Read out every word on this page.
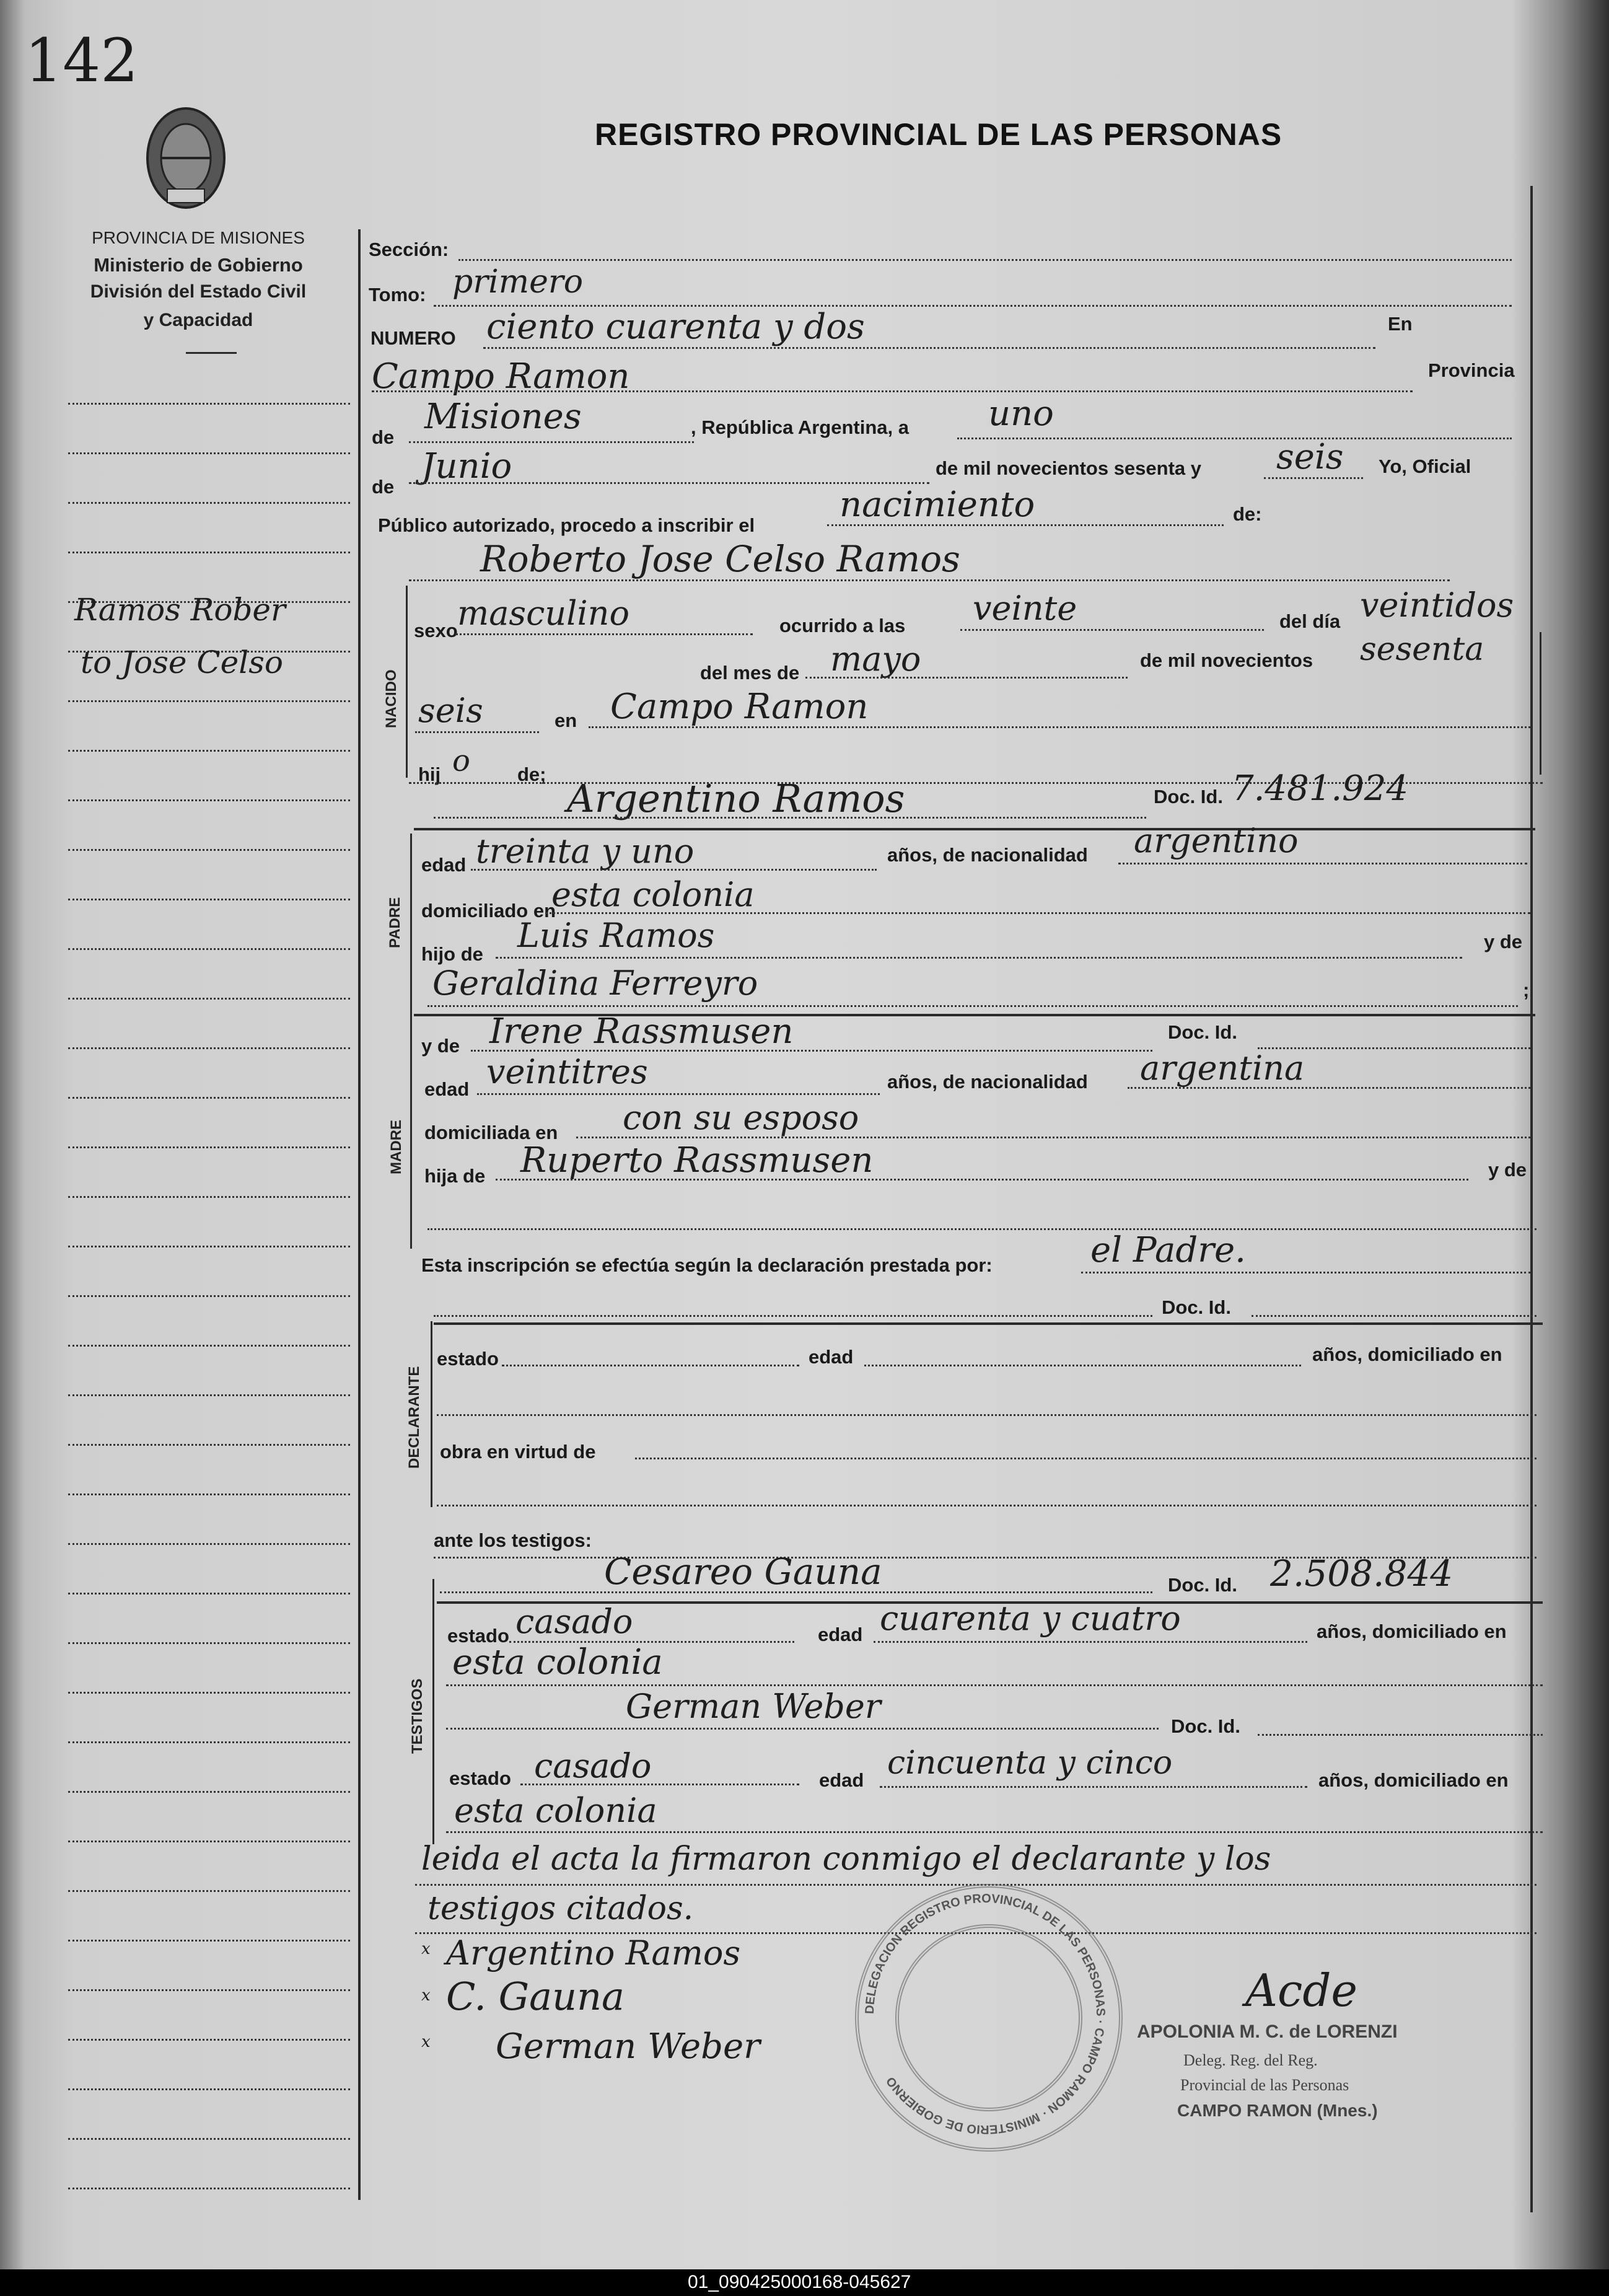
142
REGISTRO PROVINCIAL DE LAS PERSONAS
PROVINCIA DE MISIONES
Ministerio de Gobierno
División del Estado Civil
y Capacidad
Ramos Rober
to Jose Celso
Sección:
Tomo: primero
NUMERO ciento cuarenta y dos	En
Campo Ramon	Provincia
de
Misiones	, República Argentina, a uno
de
Junio	de mil novecientos sesenta y seis Yo, Oficial
Público autorizado, procedo a inscribir el
nacimiento	de:
Roberto Jose Celso Ramos
NACIDO
PADRE
MADRE
DECLARANTE
TESTIGOS
sexo masculino	ocurrido a las veinte	del día veintidos
del mes de mayo	de mil novecientos sesenta
seis	en Campo Ramon
hij o de;
Argentino Ramos	Doc. Id. 7.481.924
edad treinta y uno	años, de nacionalidad argentino
domiciliado en
esta colonia
hijo de Luis Ramos	y de
Geraldina Ferreyro	;
y de Irene Rassmusen	Doc. Id.
edad veintitres	años, de nacionalidad argentina
domiciliada en con su esposo
hija de Ruperto Rassmusen	y de
Esta inscripción se efectúa según la declaración prestada por:	el Padre.
Doc. Id.
estado	edad	años, domiciliado en
obra en virtud de
ante los testigos:
Cesareo Gauna	Doc. Id. 2.508.844
estado casado	edad cuarenta y cuatro	años, domiciliado en
esta colonia
German Weber
Doc. Id.
estado casado	edad cincuenta y cinco	años, domiciliado en
esta colonia
leida el acta la firmaron conmigo el declarante y los
testigos citados.
x Argentino Ramos
x C. Gauna
x German Weber
Acde
APOLONIA M. C. de LORENZI
Deleg. Reg. del Reg.
Provincial de las Personas
CAMPO RAMON (Mnes.)
DELEGACION REGISTRO PROVINCIAL DE LAS PERSONAS · CAMPO RAMON · MINISTERIO DE GOBIERNO
01_090425000168-045627
